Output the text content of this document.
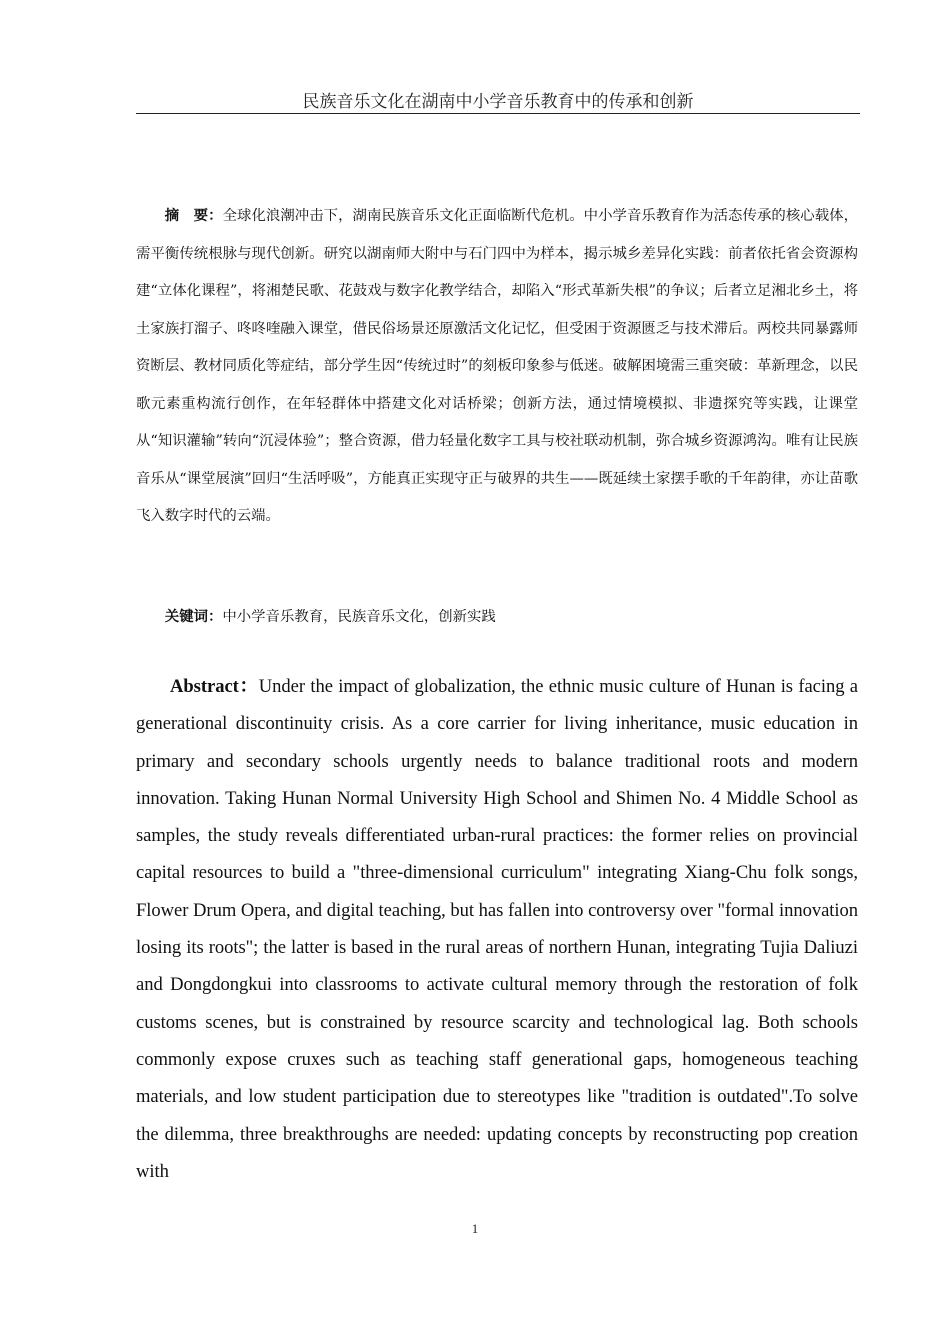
民族音乐文化在湖南中小学音乐教育中的传承和创新

摘　要：全球化浪潮冲击下，湖南民族音乐文化正面临断代危机。中小学音乐教育作为活态传承的核心载体，需平衡传统根脉与现代创新。研究以湖南师大附中与石门四中为样本，揭示城乡差异化实践：前者依托省会资源构建“立体化课程”，将湘楚民歌、花鼓戏与数字化教学结合，却陷入“形式革新失根”的争议；后者立足湘北乡土，将土家族打溜子、咚咚喹融入课堂，借民俗场景还原激活文化记忆，但受困于资源匮乏与技术滞后。两校共同暴露师资断层、教材同质化等症结，部分学生因“传统过时”的刻板印象参与低迷。破解困境需三重突破：革新理念，以民歌元素重构流行创作，在年轻群体中搭建文化对话桥梁；创新方法，通过情境模拟、非遗探究等实践，让课堂从“知识灌输”转向“沉浸体验”；整合资源，借力轻量化数字工具与校社联动机制，弥合城乡资源鸿沟。唯有让民族音乐从“课堂展演”回归“生活呼吸”，方能真正实现守正与破界的共生——既延续土家摆手歌的千年韵律，亦让苗歌飞入数字时代的云端。

关键词：中小学音乐教育，民族音乐文化，创新实践

Abstract：Under the impact of globalization, the ethnic music culture of Hunan is facing a generational discontinuity crisis. As a core carrier for living inheritance, music education in primary and secondary schools urgently needs to balance traditional roots and modern innovation. Taking Hunan Normal University High School and Shimen No. 4 Middle School as samples, the study reveals differentiated urban-rural practices: the former relies on provincial capital resources to build a "three-dimensional curriculum" integrating Xiang-Chu folk songs, Flower Drum Opera, and digital teaching, but has fallen into controversy over "formal innovation losing its roots"; the latter is based in the rural areas of northern Hunan, integrating Tujia Daliuzi and Dongdongkui into classrooms to activate cultural memory through the restoration of folk customs scenes, but is constrained by resource scarcity and technological lag. Both schools commonly expose cruxes such as teaching staff generational gaps, homogeneous teaching materials, and low student participation due to stereotypes like "tradition is outdated".To solve the dilemma, three breakthroughs are needed: updating concepts by reconstructing pop creation with

1
